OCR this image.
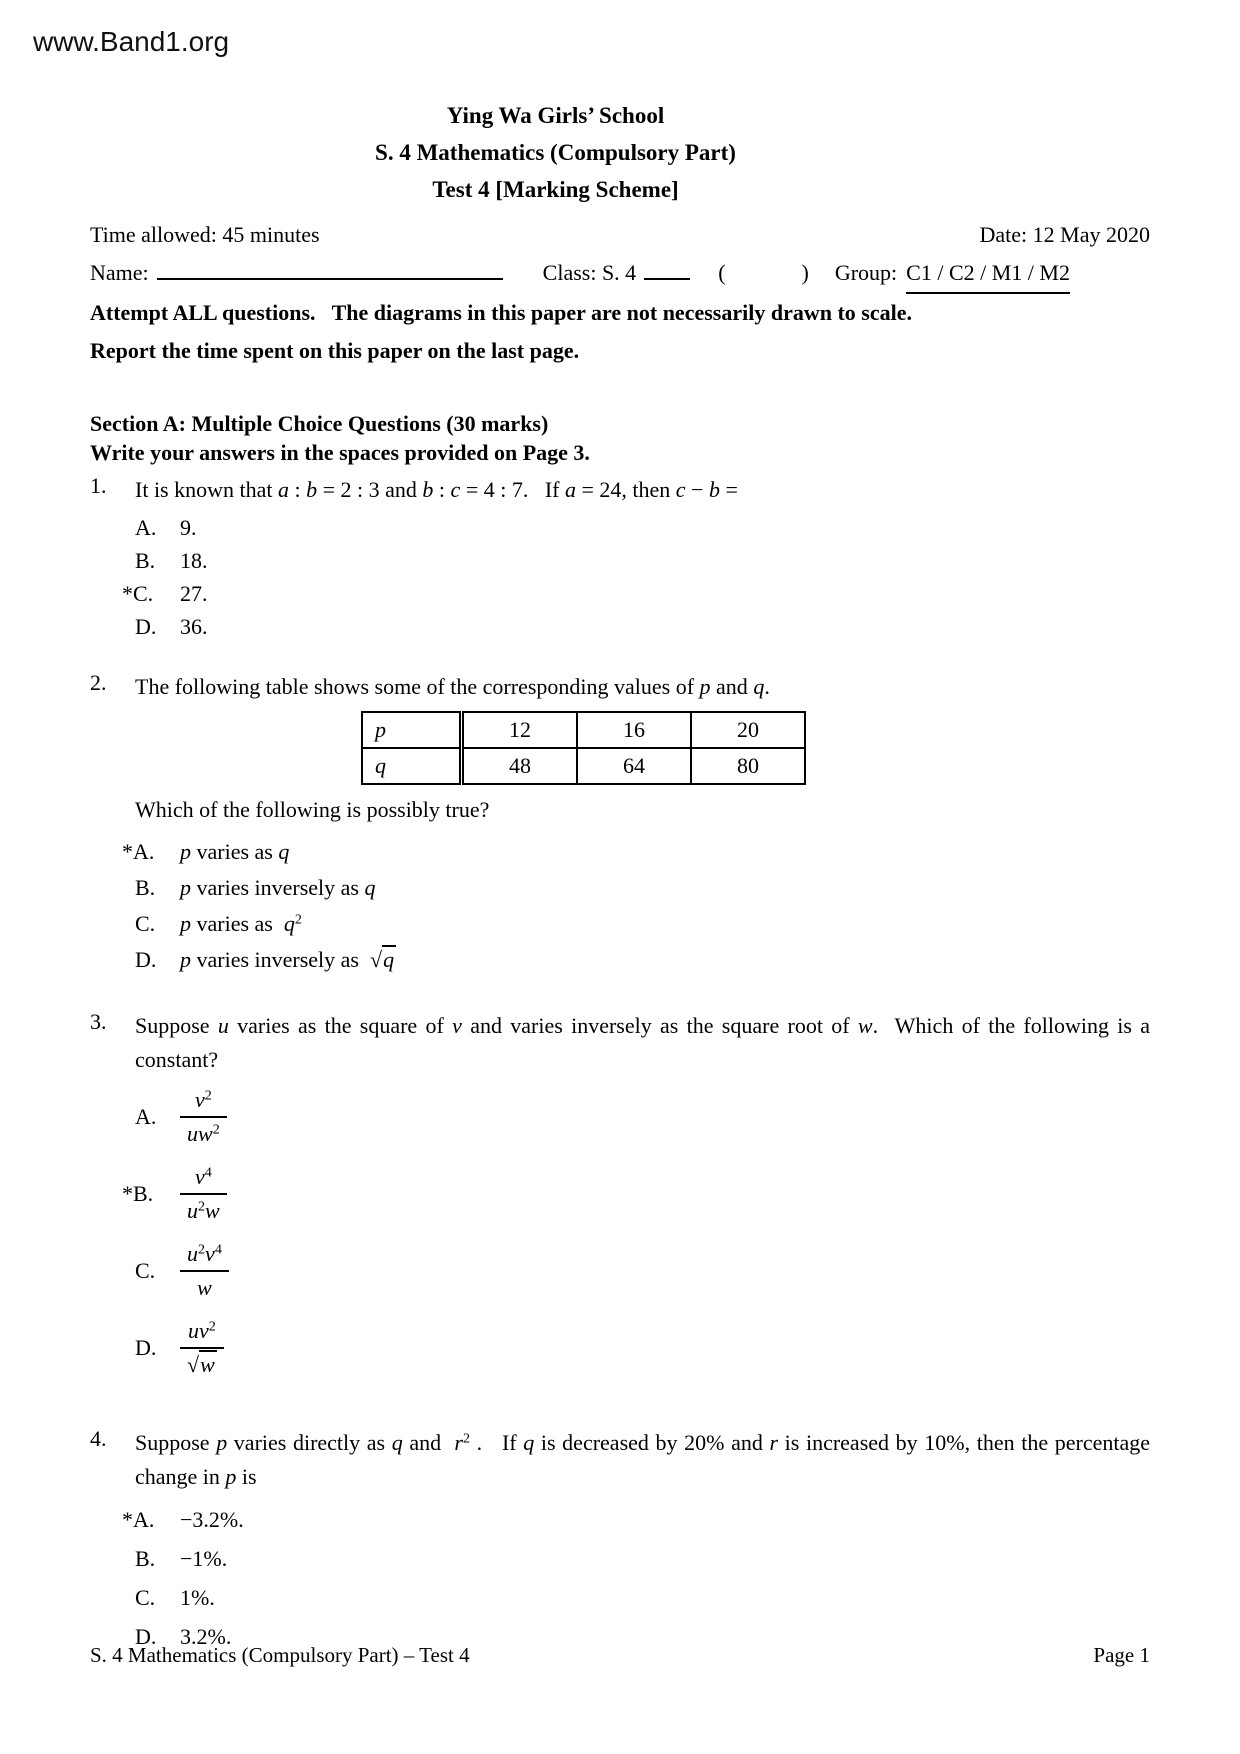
www.Band1.org
Ying Wa Girls’ School
S. 4 Mathematics (Compulsory Part)
Test 4 [Marking Scheme]
Time allowed: 45 minutes	Date: 12 May 2020
Name:	Class: S. 4	(	) Group: C1 / C2 / M1 / M2
Attempt ALL questions.   The diagrams in this paper are not necessarily drawn to scale.
Report the time spent on this paper on the last page.
Section A: Multiple Choice Questions (30 marks)
Write your answers in the spaces provided on Page 3.
1.	It is known that a : b = 2 : 3 and b : c = 4 : 7.   If a = 24, then c − b =
A.	9.
B.	18.
*C.	27.
D.	36.
2.	The following table shows some of the corresponding values of p and q.
p	12	16	20
q	48	64	80
Which of the following is possibly true?
*A.	p varies as q
B.	p varies inversely as q
C.	p varies as  $q^2$
D.	p varies inversely as  √q
3.	Suppose u varies as the square of v and varies inversely as the square root of w.  Which of the following is a constant?
A.	$\frac{v^2}{uw^2}$
*B.	$\frac{v^4}{u^2w}$
C.	$\frac{u^2v^4}{w}$
D.	$\frac{uv^2}{√w}$
4.	Suppose p varies directly as q and  $r^2$ .   If q is decreased by 20% and r is increased by 10%, then the percentage change in p is
*A.	−3.2%.
B.	−1%.
C.	1%.
D.	3.2%.
S. 4 Mathematics (Compulsory Part) – Test 4	Page 1
